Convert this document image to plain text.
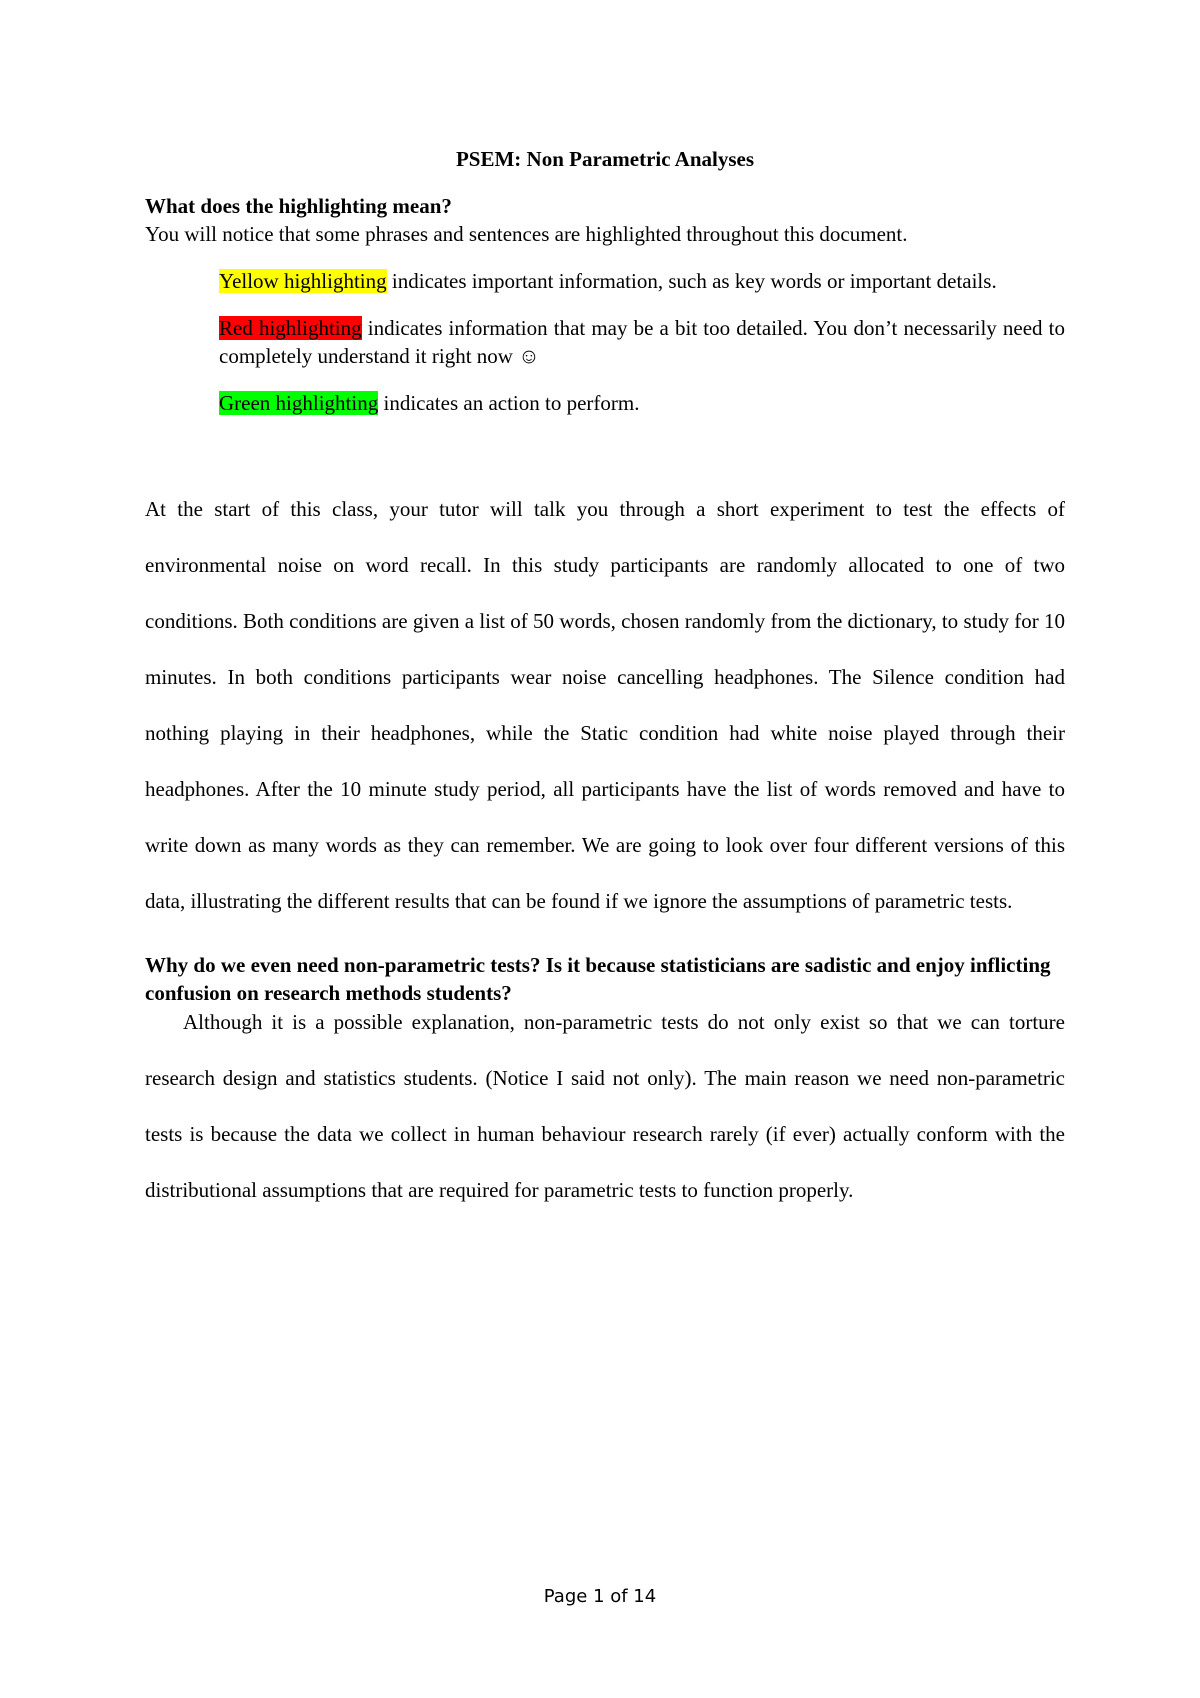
PSEM: Non Parametric Analyses
What does the highlighting mean?

You will notice that some phrases and sentences are highlighted throughout this document.

Yellow highlighting indicates important information, such as key words or important details.

Red highlighting indicates information that may be a bit too detailed. You don’t necessarily need to completely understand it right now ☺

Green highlighting indicates an action to perform.

At the start of this class, your tutor will talk you through a short experiment to test the effects of environmental noise on word recall. In this study participants are randomly allocated to one of two conditions. Both conditions are given a list of 50 words, chosen randomly from the dictionary, to study for 10 minutes. In both conditions participants wear noise cancelling headphones. The Silence condition had nothing playing in their headphones, while the Static condition had white noise played through their headphones. After the 10 minute study period, all participants have the list of words removed and have to write down as many words as they can remember. We are going to look over four different versions of this data, illustrating the different results that can be found if we ignore the assumptions of parametric tests.

Why do we even need non-parametric tests? Is it because statisticians are sadistic and enjoy inflicting confusion on research methods students?

Although it is a possible explanation, non-parametric tests do not only exist so that we can torture research design and statistics students. (Notice I said not only). The main reason we need non-parametric tests is because the data we collect in human behaviour research rarely (if ever) actually conform with the distributional assumptions that are required for parametric tests to function properly.

Page 1 of 14
